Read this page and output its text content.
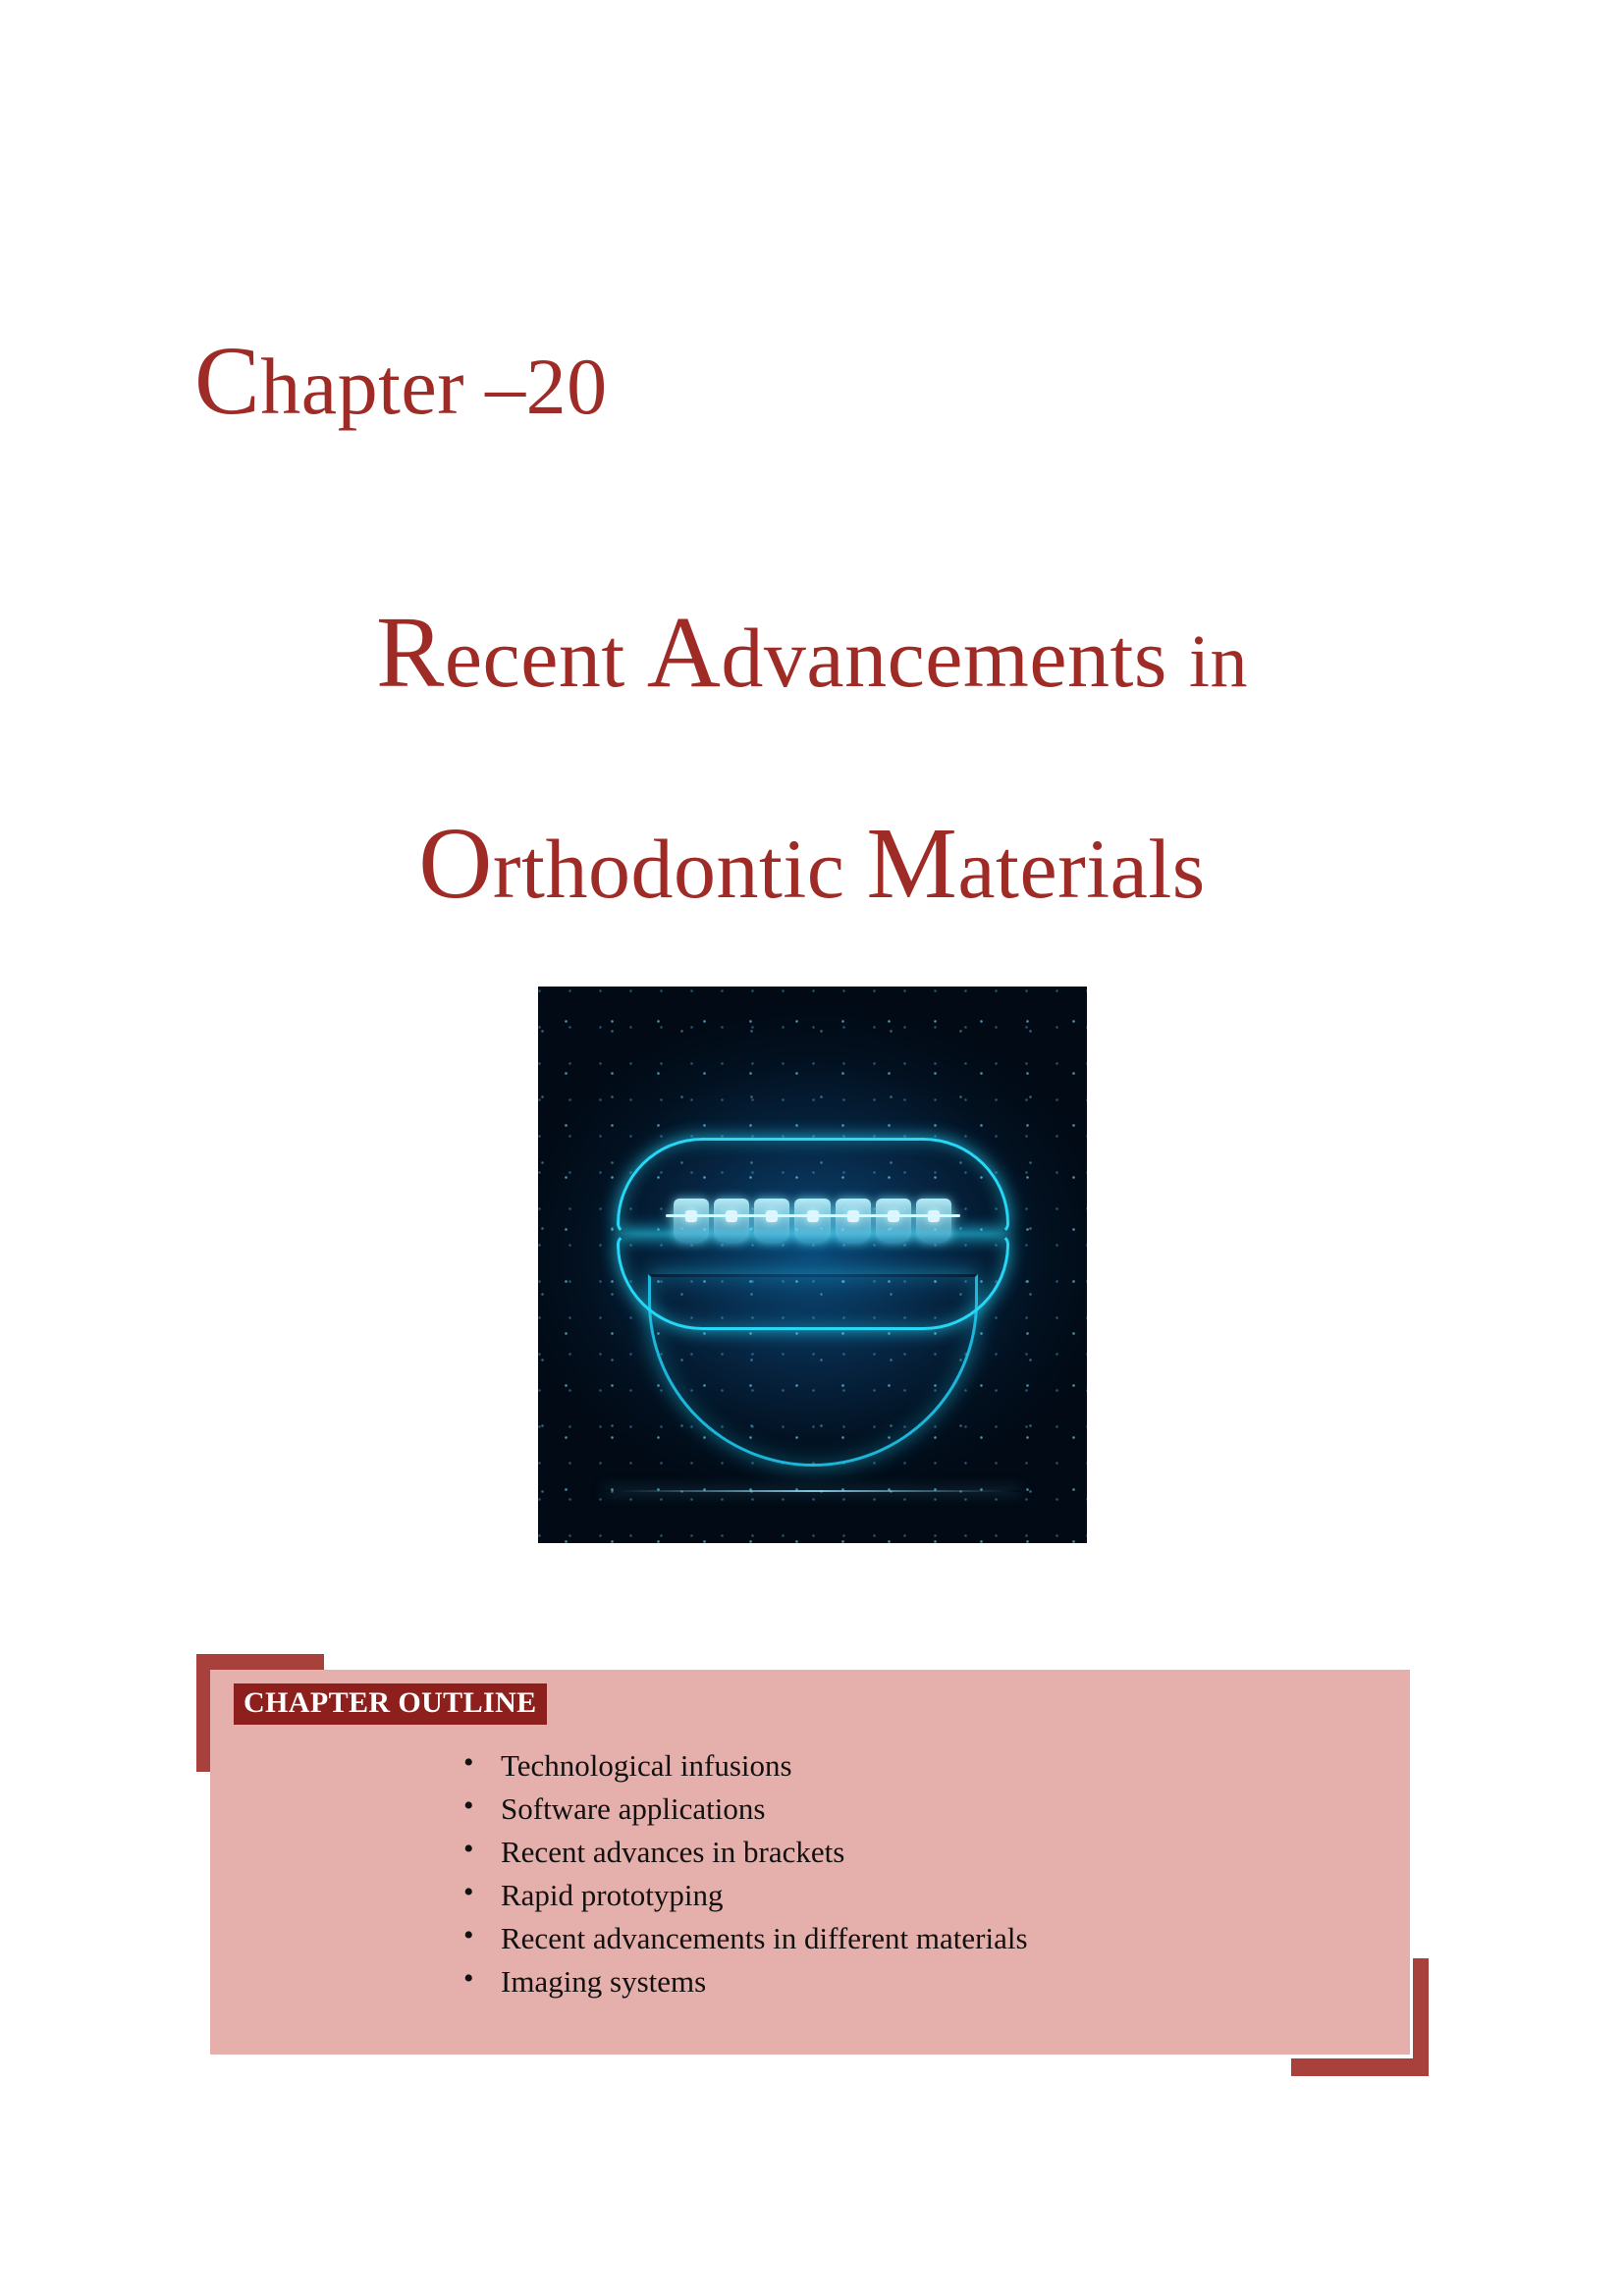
Chapter –20
Recent Advancements in
Orthodontic Materials
CHAPTER OUTLINE
• Technological infusions
• Software applications
• Recent advances in brackets
• Rapid prototyping
• Recent advancements in different materials
• Imaging systems
